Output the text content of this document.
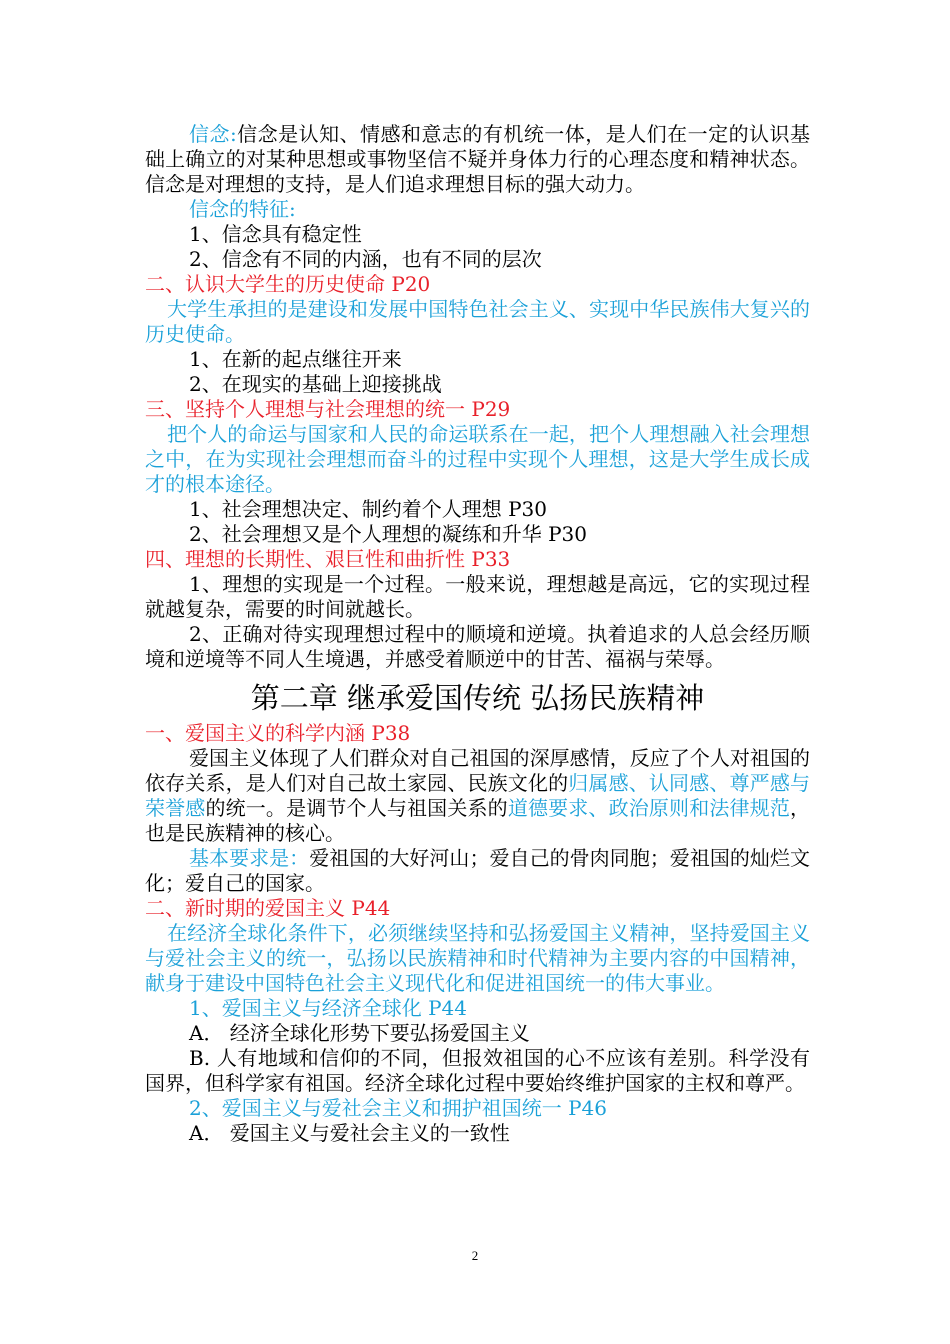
信念:信念是认知、情感和意志的有机统一体，是人们在一定的认识基础上确立的对某种思想或事物坚信不疑并身体力行的心理态度和精神状态。信念是对理想的支持，是人们追求理想目标的强大动力。

信念的特征:

1、信念具有稳定性

2、信念有不同的内涵，也有不同的层次

二、认识大学生的历史使命 P20

大学生承担的是建设和发展中国特色社会主义、实现中华民族伟大复兴的历史使命。

1、在新的起点继往开来

2、在现实的基础上迎接挑战

三、坚持个人理想与社会理想的统一 P29

把个人的命运与国家和人民的命运联系在一起，把个人理想融入社会理想之中，在为实现社会理想而奋斗的过程中实现个人理想，这是大学生成长成才的根本途径。

1、社会理想决定、制约着个人理想 P30

2、社会理想又是个人理想的凝练和升华 P30

四、理想的长期性、艰巨性和曲折性 P33

1、理想的实现是一个过程。一般来说，理想越是高远，它的实现过程就越复杂，需要的时间就越长。

2、正确对待实现理想过程中的顺境和逆境。执着追求的人总会经历顺境和逆境等不同人生境遇，并感受着顺逆中的甘苦、福祸与荣辱。

第二章 继承爱国传统 弘扬民族精神

一、爱国主义的科学内涵 P38

爱国主义体现了人们群众对自己祖国的深厚感情，反应了个人对祖国的依存关系，是人们对自己故土家园、民族文化的归属感、认同感、尊严感与荣誉感的统一。是调节个人与祖国关系的道德要求、政治原则和法律规范，也是民族精神的核心。

基本要求是：爱祖国的大好河山；爱自己的骨肉同胞；爱祖国的灿烂文化；爱自己的国家。

二、新时期的爱国主义 P44

在经济全球化条件下，必须继续坚持和弘扬爱国主义精神，坚持爱国主义与爱社会主义的统一，弘扬以民族精神和时代精神为主要内容的中国精神，献身于建设中国特色社会主义现代化和促进祖国统一的伟大事业。

1、爱国主义与经济全球化 P44

A． 经济全球化形势下要弘扬爱国主义

B. 人有地域和信仰的不同，但报效祖国的心不应该有差别。科学没有国界，但科学家有祖国。经济全球化过程中要始终维护国家的主权和尊严。

2、爱国主义与爱社会主义和拥护祖国统一 P46

A． 爱国主义与爱社会主义的一致性

2
